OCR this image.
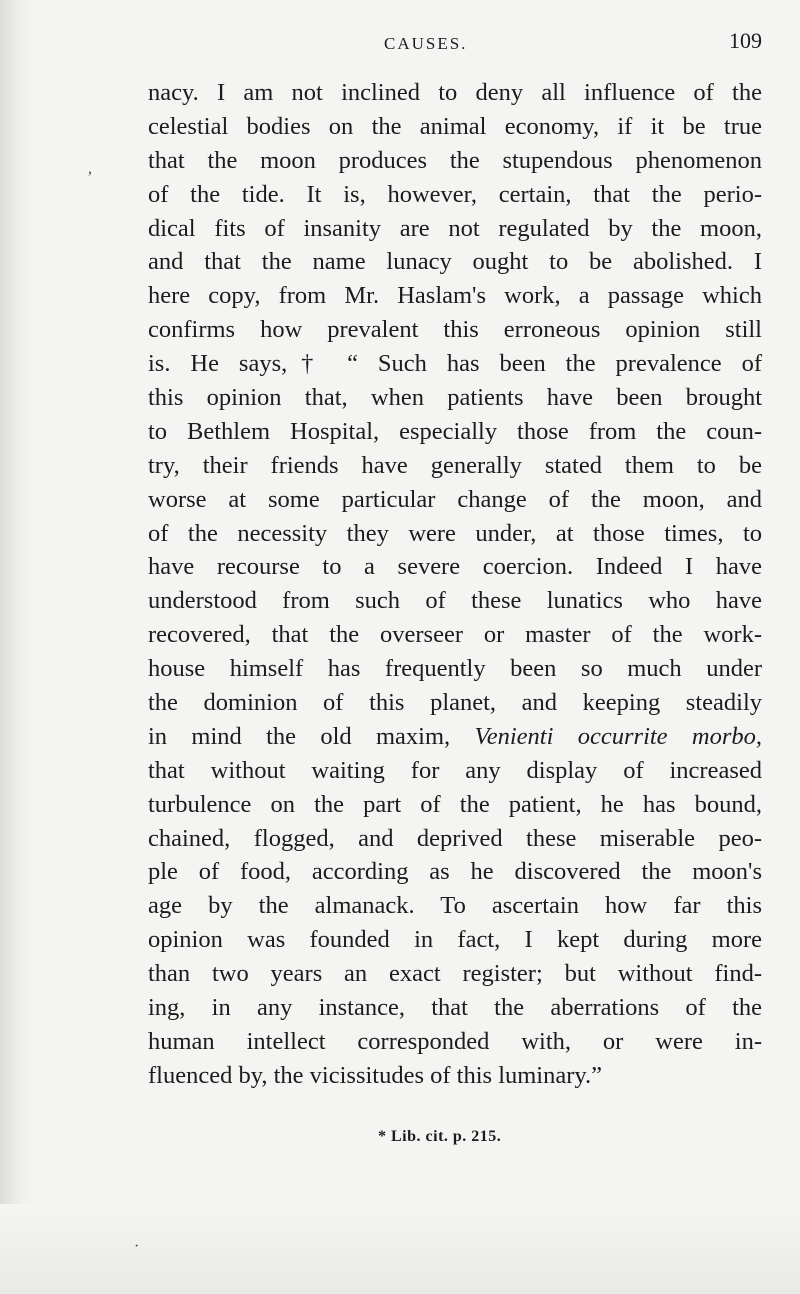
CAUSES.	109
nacy. I am not inclined to deny all influence of the
celestial bodies on the animal economy, if it be true
that the moon produces the stupendous phenomenon
of the tide. It is, however, certain, that the perio-
dical fits of insanity are not regulated by the moon,
and that the name lunacy ought to be abolished. I
here copy, from Mr. Haslam's work, a passage which
confirms how prevalent this erroneous opinion still
is. He says,† “ Such has been the prevalence of
this opinion that, when patients have been brought
to Bethlem Hospital, especially those from the coun-
try, their friends have generally stated them to be
worse at some particular change of the moon, and
of the necessity they were under, at those times, to
have recourse to a severe coercion. Indeed I have
understood from such of these lunatics who have
recovered, that the overseer or master of the work-
house himself has frequently been so much under
the dominion of this planet, and keeping steadily
in mind the old maxim, Venienti occurrite morbo,
that without waiting for any display of increased
turbulence on the part of the patient, he has bound,
chained, flogged, and deprived these miserable peo-
ple of food, according as he discovered the moon's
age by the almanack. To ascertain how far this
opinion was founded in fact, I kept during more
than two years an exact register; but without find-
ing, in any instance, that the aberrations of the
human intellect corresponded with, or were in-
fluenced by, the vicissitudes of this luminary.”
* Lib. cit. p. 215.
,
·
